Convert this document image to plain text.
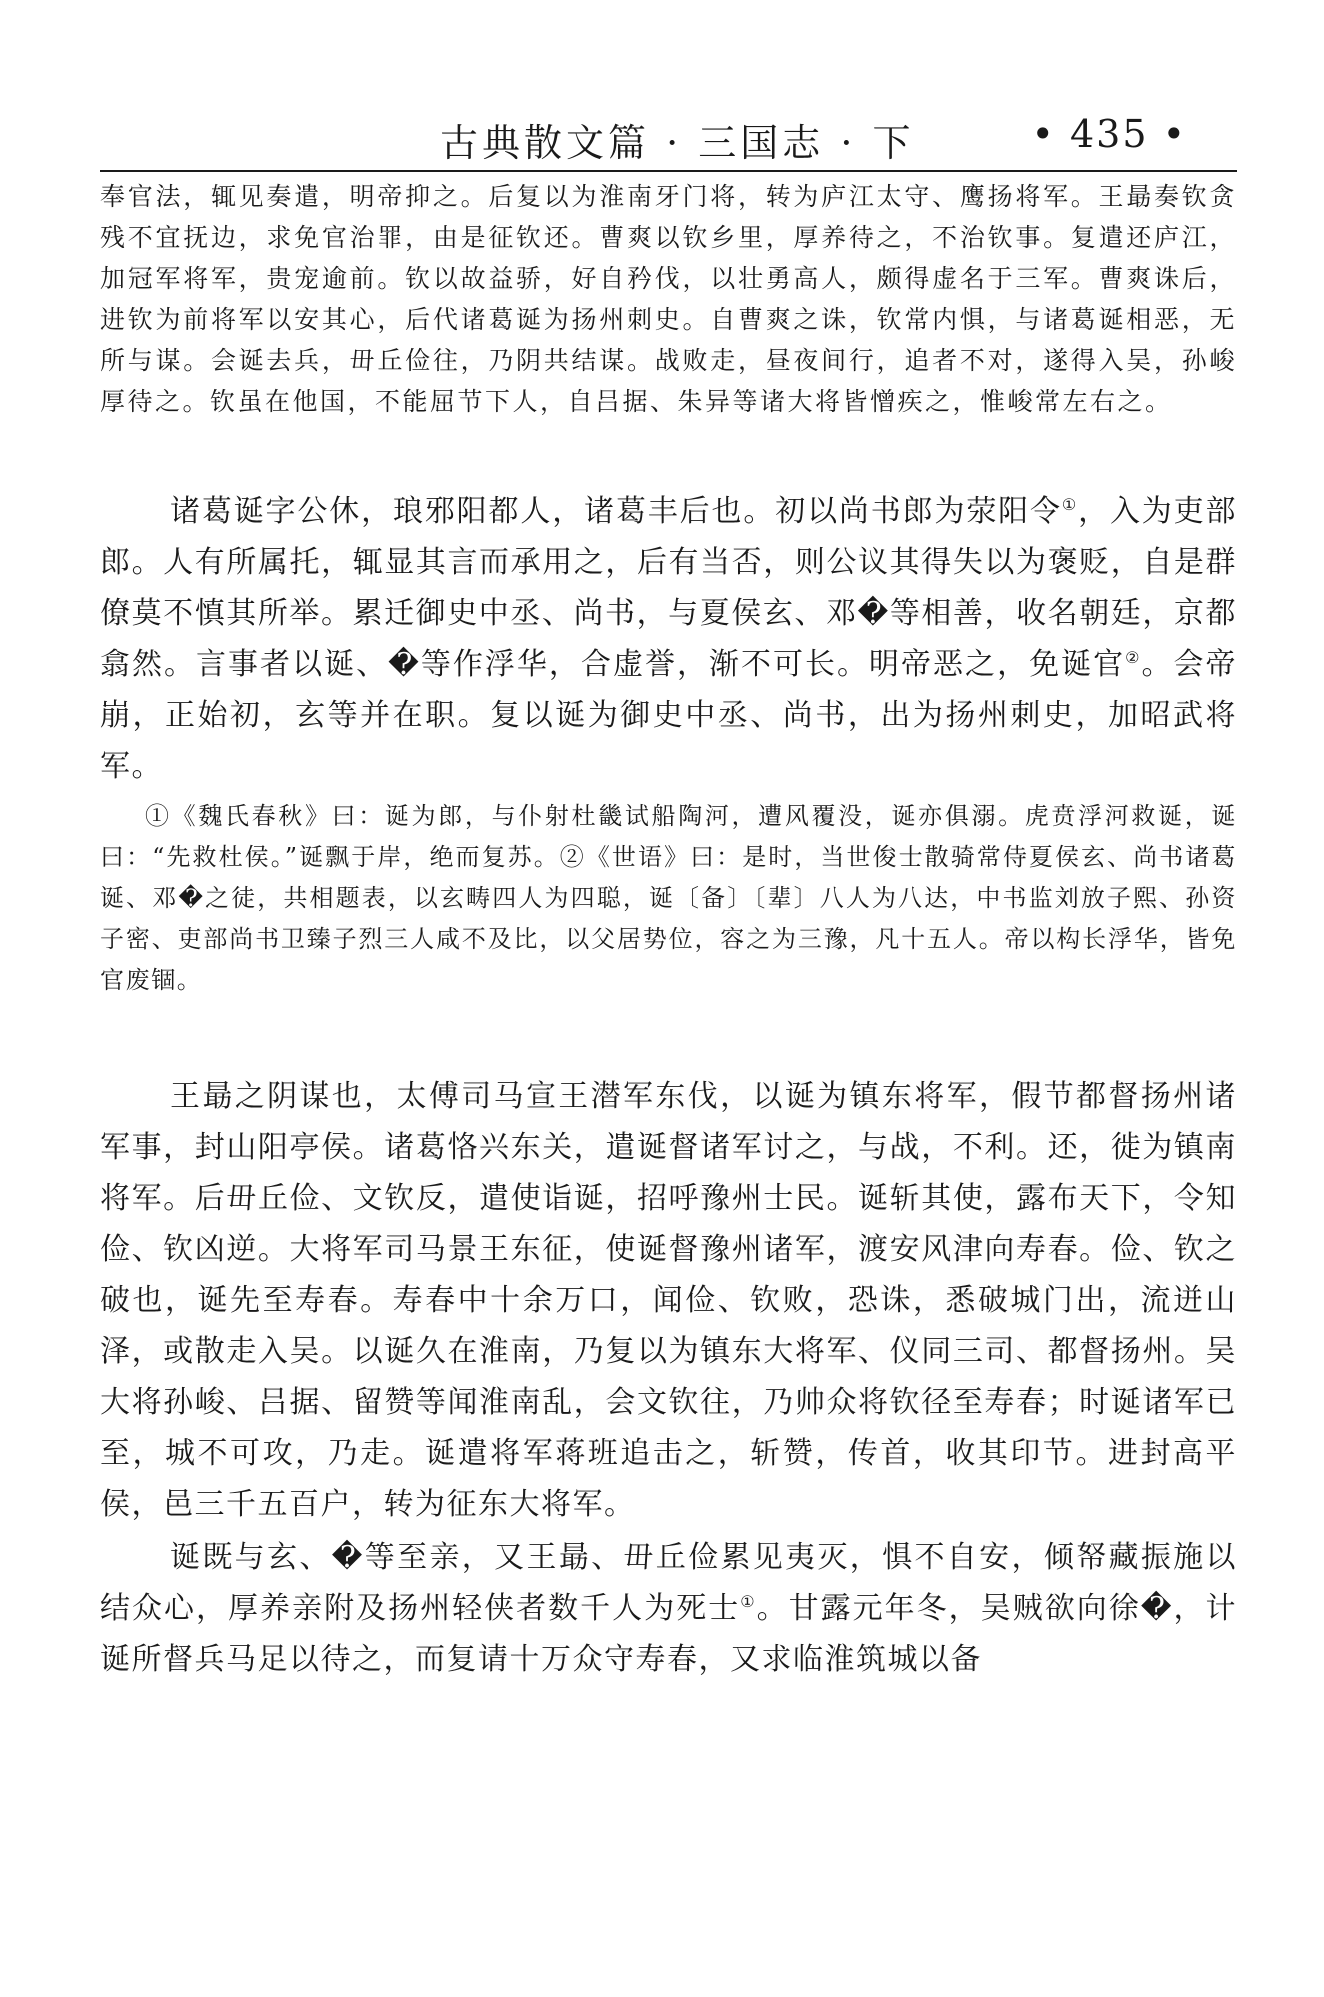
古典散文篇 · 三国志 · 下	• 435 •

奉官法，辄见奏遣，明帝抑之。后复以为淮南牙门将，转为庐江太守、鹰扬将军。王朂奏钦贪残不宜抚边，求免官治罪，由是征钦还。曹爽以钦乡里，厚养待之，不治钦事。复遣还庐江，加冠军将军，贵宠逾前。钦以故益骄，好自矜伐，以壮勇高人，颇得虚名于三军。曹爽诛后，进钦为前将军以安其心，后代诸葛诞为扬州刺史。自曹爽之诛，钦常内惧，与诸葛诞相恶，无所与谋。会诞去兵，毌丘俭往，乃阴共结谋。战败走，昼夜间行，追者不对，遂得入吴，孙峻厚待之。钦虽在他国，不能屈节下人，自吕据、朱异等诸大将皆憎疾之，惟峻常左右之。

诸葛诞字公休，琅邪阳都人，诸葛丰后也。初以尚书郎为荥阳令①，入为吏部郎。人有所属托，辄显其言而承用之，后有当否，则公议其得失以为褒贬，自是群僚莫不慎其所举。累迁御史中丞、尚书，与夏侯玄、邓�等相善，收名朝廷，京都翕然。言事者以诞、�等作浮华，合虚誉，渐不可长。明帝恶之，免诞官②。会帝崩，正始初，玄等并在职。复以诞为御史中丞、尚书，出为扬州刺史，加昭武将军。

①《魏氏春秋》曰：诞为郎，与仆射杜畿试船陶河，遭风覆没，诞亦俱溺。虎贲浮河救诞，诞曰：“先救杜侯。”诞飘于岸，绝而复苏。②《世语》曰：是时，当世俊士散骑常侍夏侯玄、尚书诸葛诞、邓�之徒，共相题表，以玄畴四人为四聪，诞〔备〕〔辈〕八人为八达，中书监刘放子熙、孙资子密、吏部尚书卫臻子烈三人咸不及比，以父居势位，容之为三豫，凡十五人。帝以构长浮华，皆免官废锢。

王朂之阴谋也，太傅司马宣王潜军东伐，以诞为镇东将军，假节都督扬州诸军事，封山阳亭侯。诸葛恪兴东关，遣诞督诸军讨之，与战，不利。还，徙为镇南将军。后毌丘俭、文钦反，遣使诣诞，招呼豫州士民。诞斩其使，露布天下，令知俭、钦凶逆。大将军司马景王东征，使诞督豫州诸军，渡安风津向寿春。俭、钦之破也，诞先至寿春。寿春中十余万口，闻俭、钦败，恐诛，悉破城门出，流迸山泽，或散走入吴。以诞久在淮南，乃复以为镇东大将军、仪同三司、都督扬州。吴大将孙峻、吕据、留赞等闻淮南乱，会文钦往，乃帅众将钦径至寿春；时诞诸军已至，城不可攻，乃走。诞遣将军蒋班追击之，斩赞，传首，收其印节。进封高平侯，邑三千五百户，转为征东大将军。

诞既与玄、�等至亲，又王朂、毌丘俭累见夷灭，惧不自安，倾帑藏振施以结众心，厚养亲附及扬州轻侠者数千人为死士①。甘露元年冬，吴贼欲向徐�，计诞所督兵马足以待之，而复请十万众守寿春，又求临淮筑城以备
